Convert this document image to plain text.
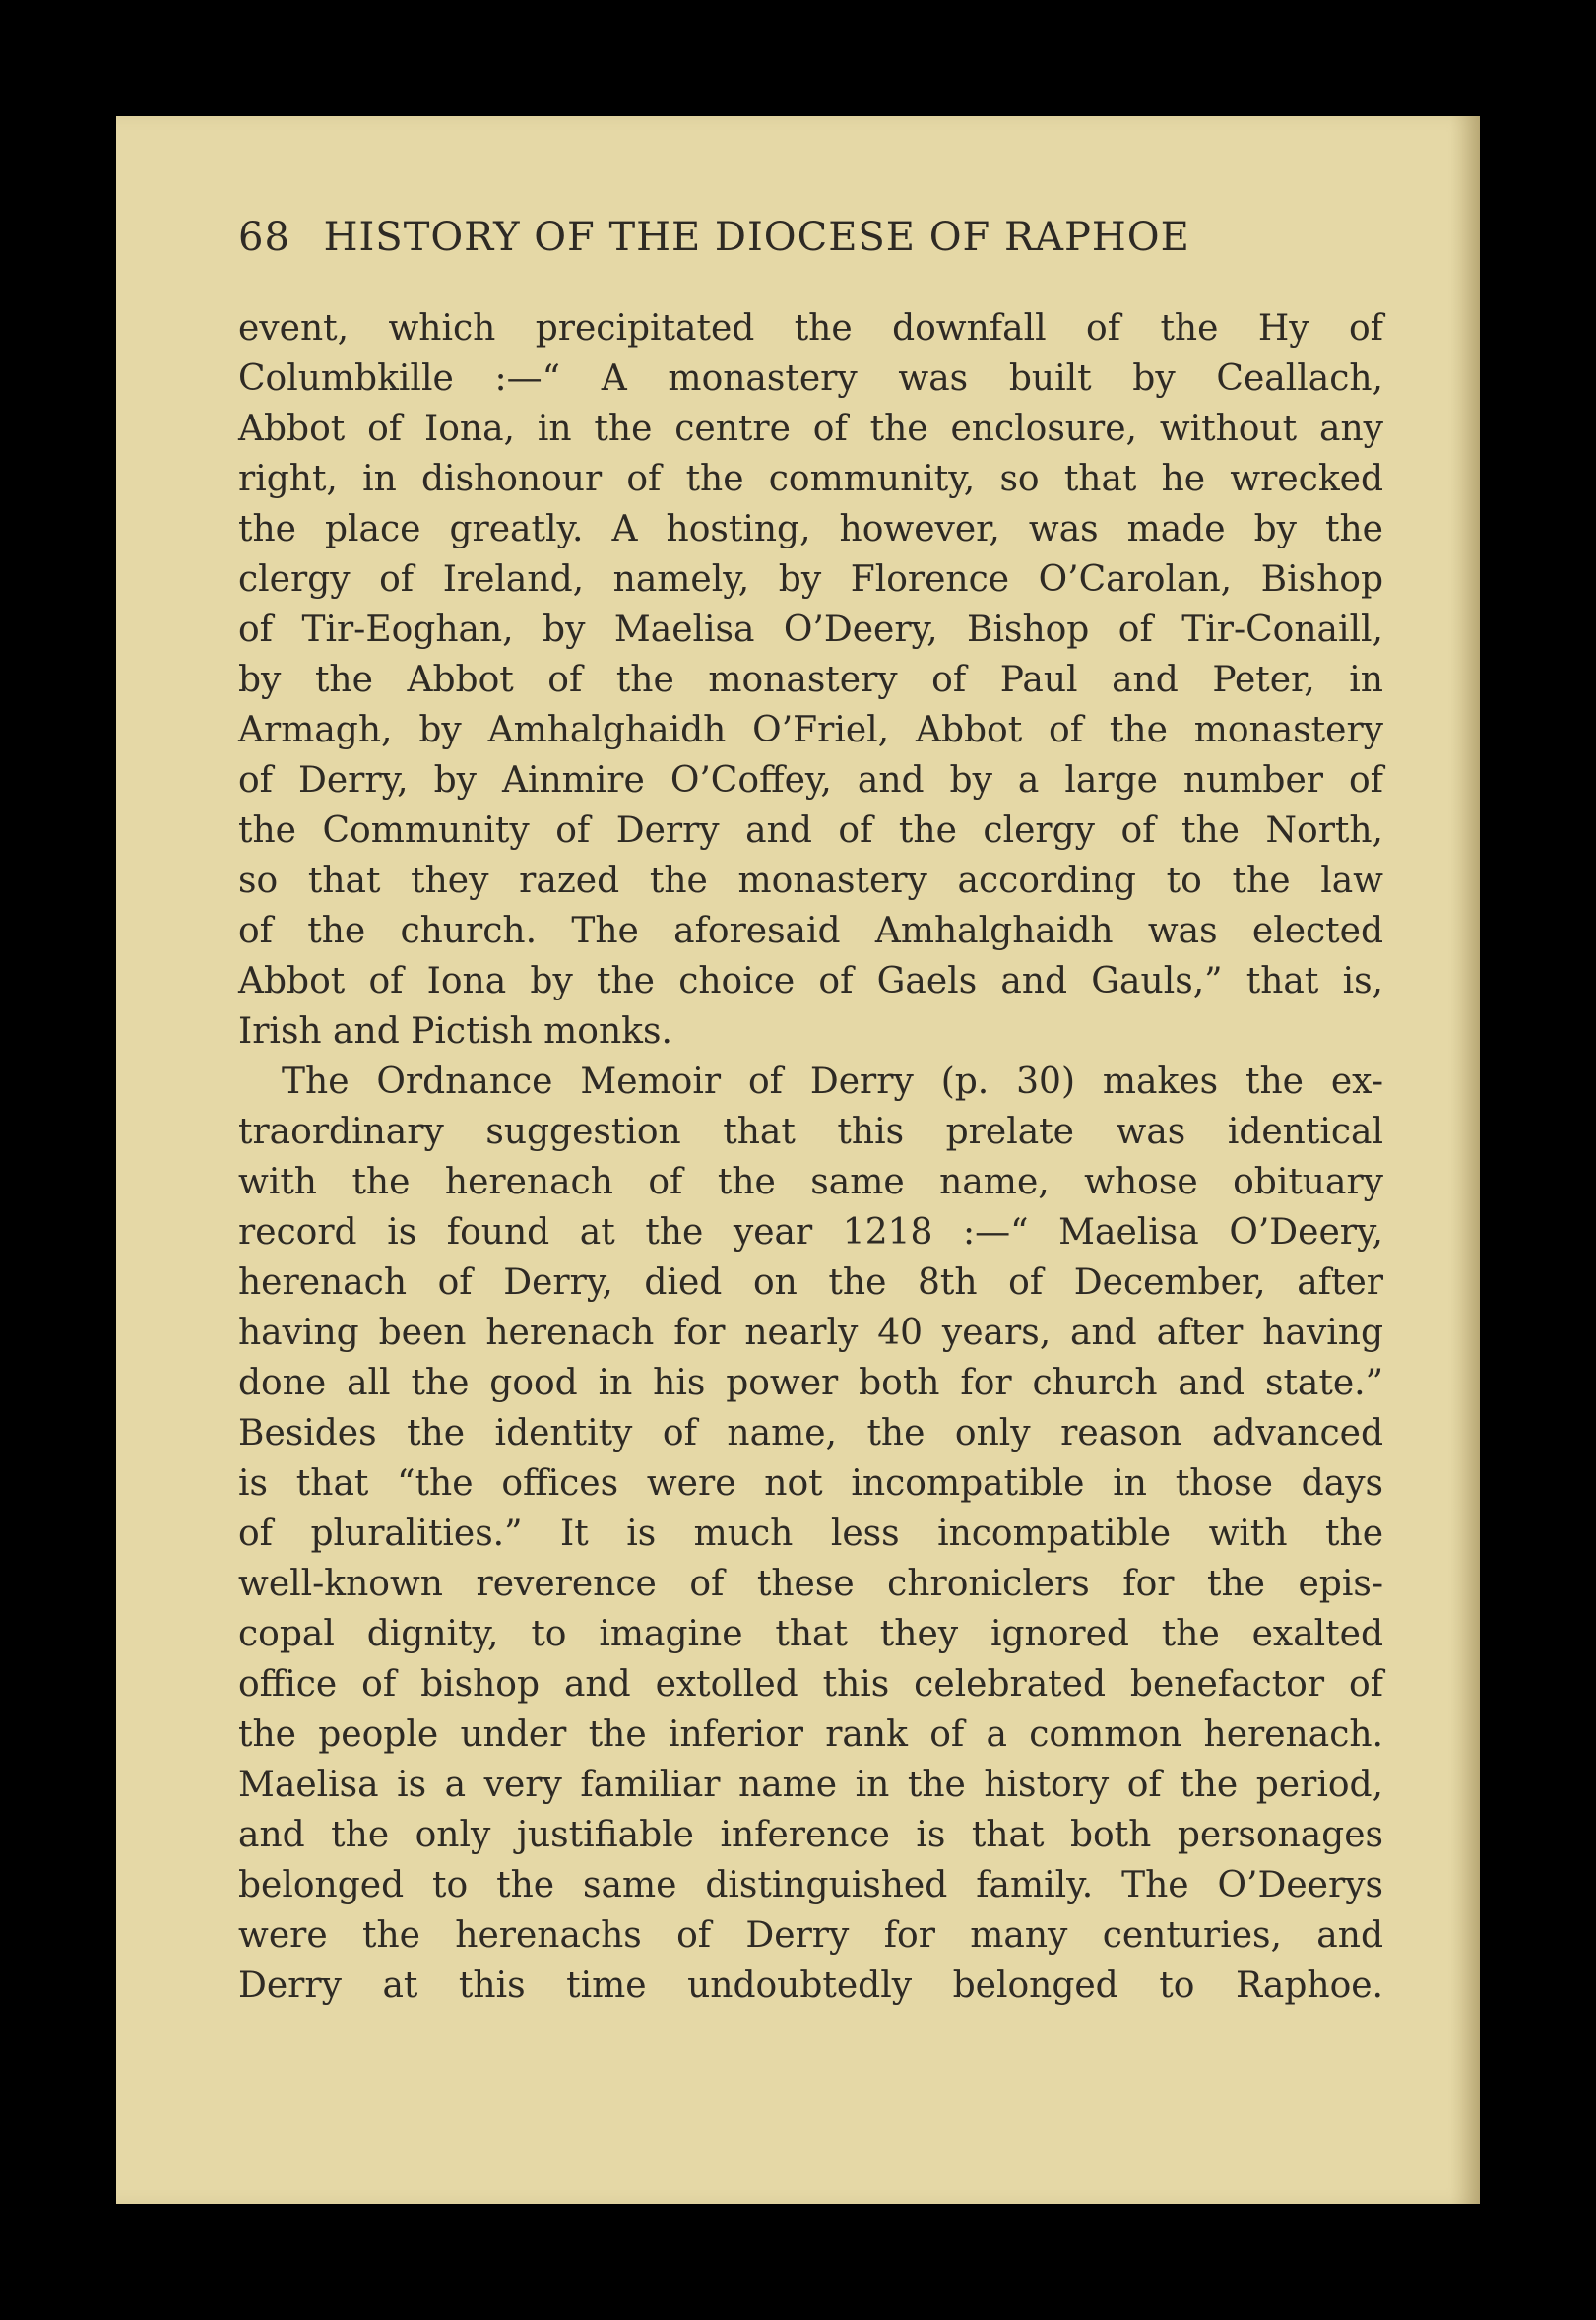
68 HISTORY OF THE DIOCESE OF RAPHOE
event, which precipitated the downfall of the Hy of
Columbkille :—“ A monastery was built by Ceallach,
Abbot of Iona, in the centre of the enclosure, without any
right, in dishonour of the community, so that he wrecked
the place greatly. A hosting, however, was made by the
clergy of Ireland, namely, by Florence O’Carolan, Bishop
of Tir-Eoghan, by Maelisa O’Deery, Bishop of Tir-Conaill,
by the Abbot of the monastery of Paul and Peter, in
Armagh, by Amhalghaidh O’Friel, Abbot of the monastery
of Derry, by Ainmire O’Coffey, and by a large number of
the Community of Derry and of the clergy of the North,
so that they razed the monastery according to the law
of the church. The aforesaid Amhalghaidh was elected
Abbot of Iona by the choice of Gaels and Gauls,” that is,
Irish and Pictish monks.
The Ordnance Memoir of Derry (p. 30) makes the ex-
traordinary suggestion that this prelate was identical
with the herenach of the same name, whose obituary
record is found at the year 1218 :—“ Maelisa O’Deery,
herenach of Derry, died on the 8th of December, after
having been herenach for nearly 40 years, and after having
done all the good in his power both for church and state.”
Besides the identity of name, the only reason advanced
is that “the offices were not incompatible in those days
of pluralities.” It is much less incompatible with the
well-known reverence of these chroniclers for the epis-
copal dignity, to imagine that they ignored the exalted
office of bishop and extolled this celebrated benefactor of
the people under the inferior rank of a common herenach.
Maelisa is a very familiar name in the history of the period,
and the only justifiable inference is that both personages
belonged to the same distinguished family. The O’Deerys
were the herenachs of Derry for many centuries, and
Derry at this time undoubtedly belonged to Raphoe.
